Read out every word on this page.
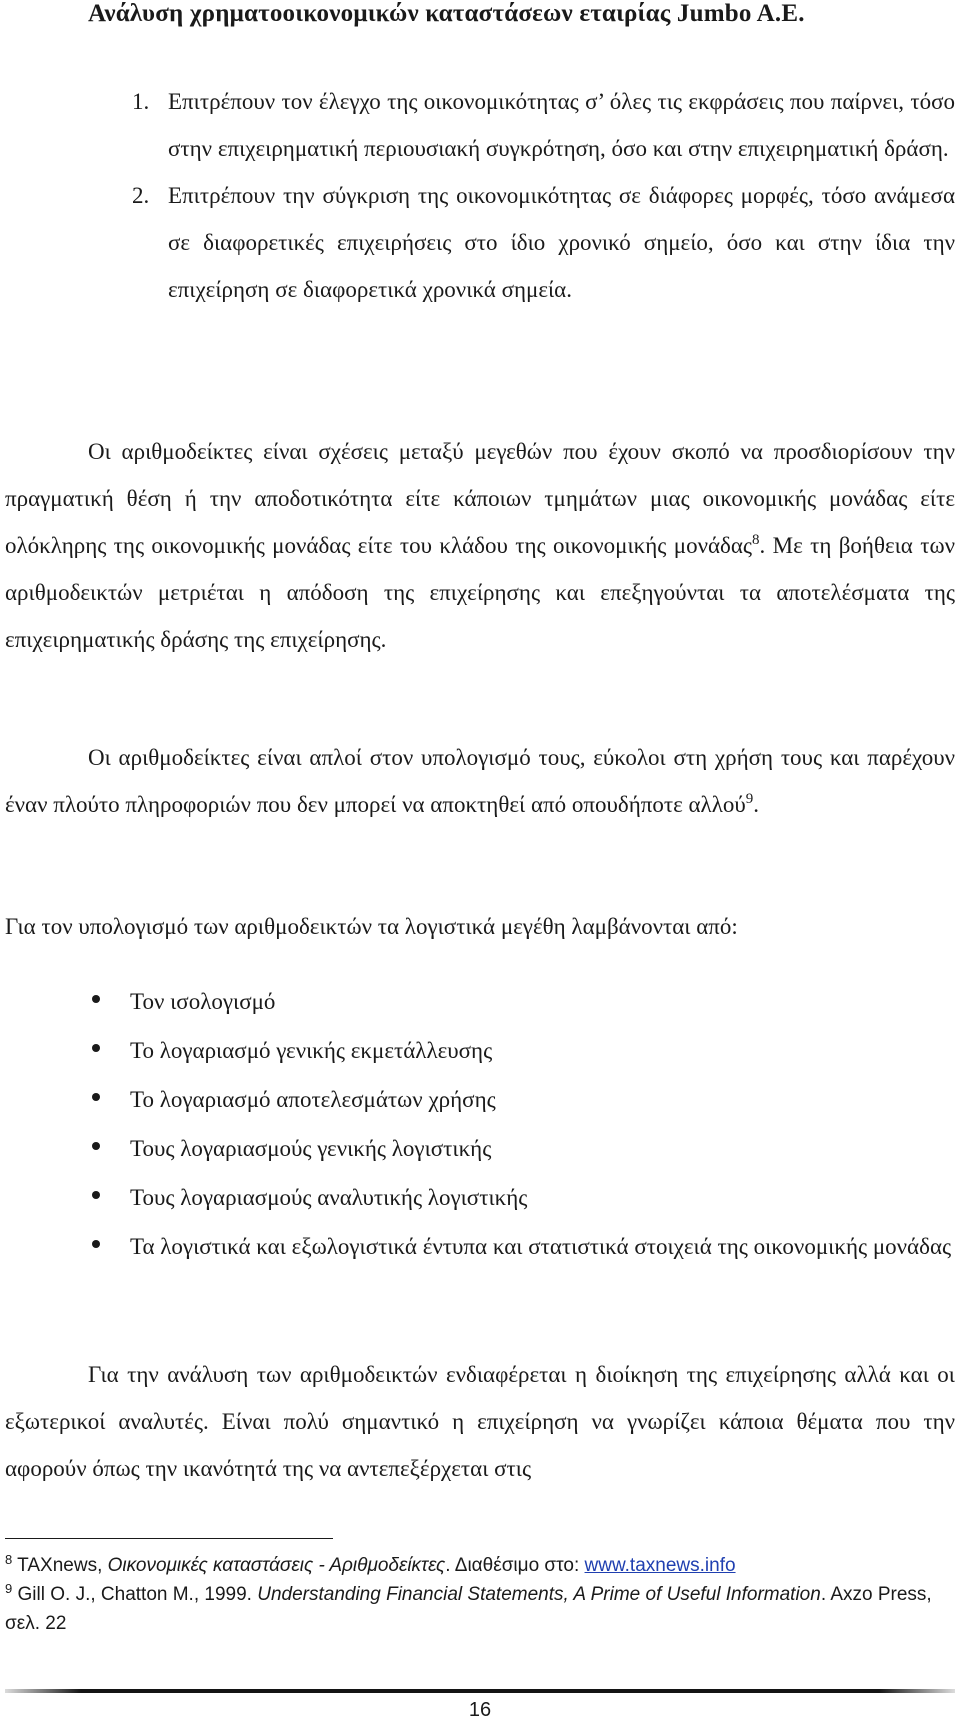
Ανάλυση χρηματοοικονομικών καταστάσεων εταιρίας Jumbo A.E.
1. Επιτρέπουν τον έλεγχο της οικονομικότητας σ’ όλες τις εκφράσεις που παίρνει, τόσο στην επιχειρηματική περιουσιακή συγκρότηση, όσο και στην επιχειρηματική δράση.
2. Επιτρέπουν την σύγκριση της οικονομικότητας σε διάφορες μορφές, τόσο ανάμεσα σε διαφορετικές επιχειρήσεις στο ίδιο χρονικό σημείο, όσο και στην ίδια την επιχείρηση σε διαφορετικά χρονικά σημεία.

Οι αριθμοδείκτες είναι σχέσεις μεταξύ μεγεθών που έχουν σκοπό να προσδιορίσουν την πραγματική θέση ή την αποδοτικότητα είτε κάποιων τμημάτων μιας οικονομικής μονάδας είτε ολόκληρης της οικονομικής μονάδας είτε του κλάδου της οικονομικής μονάδας$^8$. Με τη βοήθεια των αριθμοδεικτών μετριέται η απόδοση της επιχείρησης και επεξηγούνται τα αποτελέσματα της επιχειρηματικής δράσης της επιχείρησης.

Οι αριθμοδείκτες είναι απλοί στον υπολογισμό τους, εύκολοι στη χρήση τους και παρέχουν έναν πλούτο πληροφοριών που δεν μπορεί να αποκτηθεί από οπουδήποτε αλλού$^9$.

Για τον υπολογισμό των αριθμοδεικτών τα λογιστικά μεγέθη λαμβάνονται από:

Τον ισολογισμό
Το λογαριασμό γενικής εκμετάλλευσης
Το λογαριασμό αποτελεσμάτων χρήσης
Τους λογαριασμούς γενικής λογιστικής
Τους λογαριασμούς αναλυτικής λογιστικής
Τα λογιστικά και εξωλογιστικά έντυπα και στατιστικά στοιχειά της οικονομικής μονάδας

Για την ανάλυση των αριθμοδεικτών ενδιαφέρεται η διοίκηση της επιχείρησης αλλά και οι εξωτερικοί αναλυτές. Είναι πολύ σημαντικό η επιχείρηση να γνωρίζει κάποια θέματα που την αφορούν όπως την ικανότητά της να αντεπεξέρχεται στις

$^8$ TAXnews, Οικονομικές καταστάσεις - Αριθμοδείκτες. Διαθέσιμο στο: www.taxnews.info
$^9$ Gill O. J., Chatton M., 1999. Understanding Financial Statements, A Prime of Useful Information. Axzo Press, σελ. 22
16
